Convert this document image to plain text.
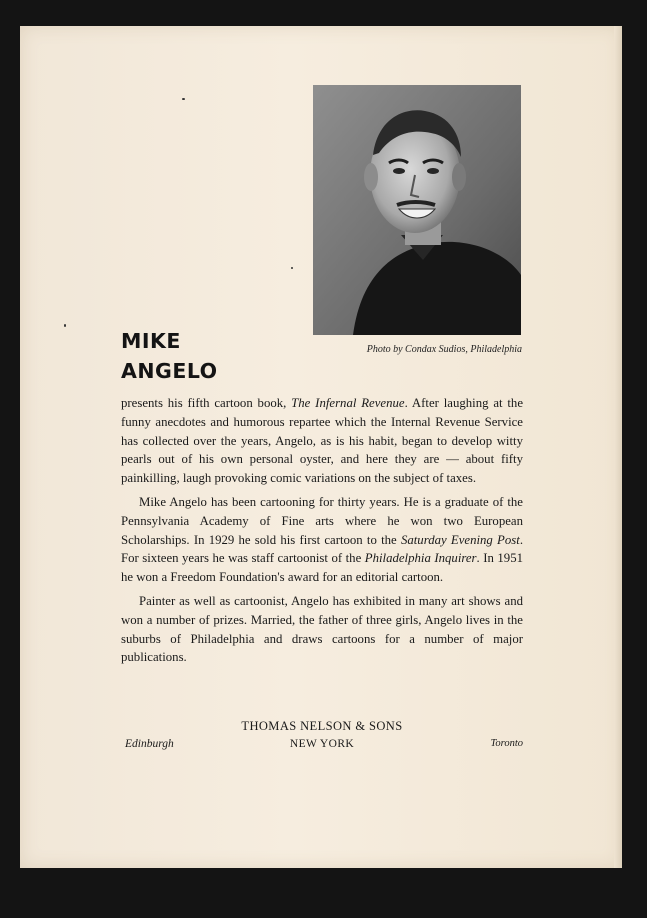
Photo by Condax Sudios, Philadelphia
MIKE
ANGELO

presents his fifth cartoon book, The Infernal Revenue. After laughing at the funny anecdotes and humorous repartee which the Internal Revenue Service has collected over the years, Angelo, as is his habit, began to develop witty pearls out of his own personal oyster, and here they are — about fifty painkilling, laugh provoking comic variations on the subject of taxes.

Mike Angelo has been cartooning for thirty years. He is a graduate of the Pennsylvania Academy of Fine arts where he won two European Scholarships. In 1929 he sold his first cartoon to the Saturday Evening Post. For sixteen years he was staff cartoonist of the Philadelphia Inquirer. In 1951 he won a Freedom Foundation's award for an editorial cartoon.

Painter as well as cartoonist, Angelo has exhibited in many art shows and won a number of prizes. Married, the father of three girls, Angelo lives in the suburbs of Philadelphia and draws cartoons for a number of major publications.

THOMAS NELSON & SONS
Edinburgh	NEW YORK	Toronto
